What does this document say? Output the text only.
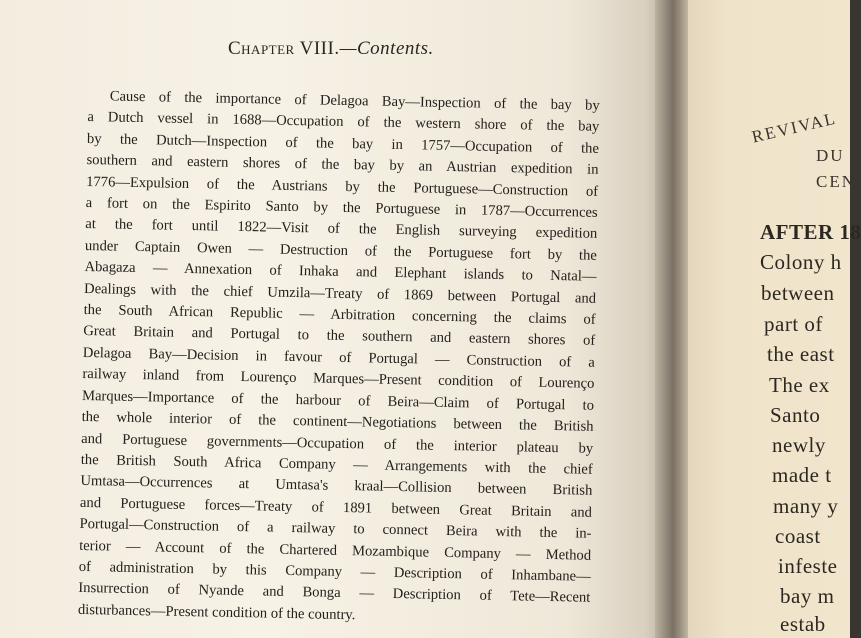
Chapter VIII.—Contents.
Cause of the importance of Delagoa Bay—Inspection of the bay by
a Dutch vessel in 1688—Occupation of the western shore of the bay
by the Dutch—Inspection of the bay in 1757—Occupation of the
southern and eastern shores of the bay by an Austrian expedition in
1776—Expulsion of the Austrians by the Portuguese—Construction of
a fort on the Espirito Santo by the Portuguese in 1787—Occurrences
at the fort until 1822—Visit of the English surveying expedition
under Captain Owen — Destruction of the Portuguese fort by the
Abagaza — Annexation of Inhaka and Elephant islands to Natal—
Dealings with the chief Umzila—Treaty of 1869 between Portugal and
the South African Republic — Arbitration concerning the claims of
Great Britain and Portugal to the southern and eastern shores of
Delagoa Bay—Decision in favour of Portugal — Construction of a
railway inland from Lourenço Marques—Present condition of Lourenço
Marques—Importance of the harbour of Beira—Claim of Portugal to
the whole interior of the continent—Negotiations between the British
and Portuguese governments—Occupation of the interior plateau by
the British South Africa Company — Arrangements with the chief
Umtasa—Occurrences at Umtasa's kraal—Collision between British
and Portuguese forces—Treaty of 1891 between Great Britain and
Portugal—Construction of a railway to connect Beira with the in-
terior — Account of the Chartered Mozambique Company — Method
of administration by this Company — Description of Inhambane—
Insurrection of Nyande and Bonga — Description of Tete—Recent
disturbances—Present condition of the country.
REVIVAL
DU
CEN
AFTER 18
Colony h
between
part of
the east
The ex
Santo
newly
made t
many y
coast
infeste
bay m
estab
